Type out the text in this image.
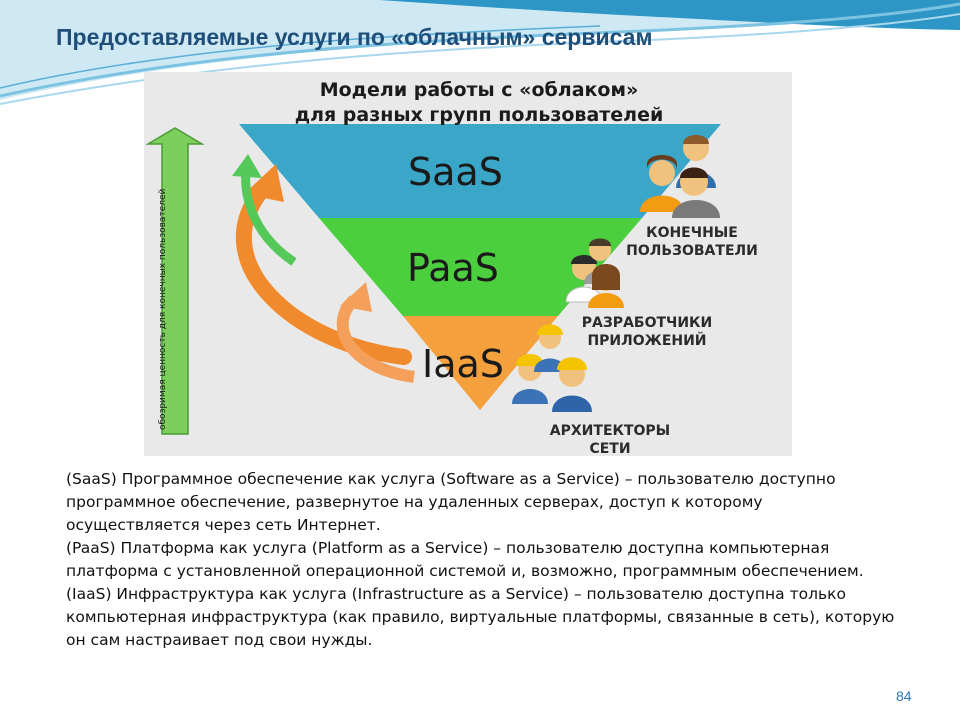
Предоставляемые услуги по «облачным» сервисам
Модели работы с «облаком»
для разных групп пользователей
SaaS
PaaS
IaaS
обозримая ценность для конечных пользователей	КОНЕЧНЫЕ
ПОЛЬЗОВАТЕЛИ
РАЗРАБОТЧИКИ
ПРИЛОЖЕНИЙ
АРХИТЕКТОРЫ
СЕТИ

(SaaS) Программное обеспечение как услуга (Software as a Service) – пользователю доступно программное обеспечение, развернутое на удаленных серверах, доступ к которому осуществляется через сеть Интернет.

(PaaS) Платформа как услуга (Platform as a Service) – пользователю доступна компьютерная платформа с установленной операционной системой и, возможно, программным обеспечением.

(IaaS) Инфраструктура как услуга (Infrastructure as a Service) – пользователю доступна только компьютерная инфраструктура (как правило, виртуальные платформы, связанные в сеть), которую он сам настраивает под свои нужды.

84
